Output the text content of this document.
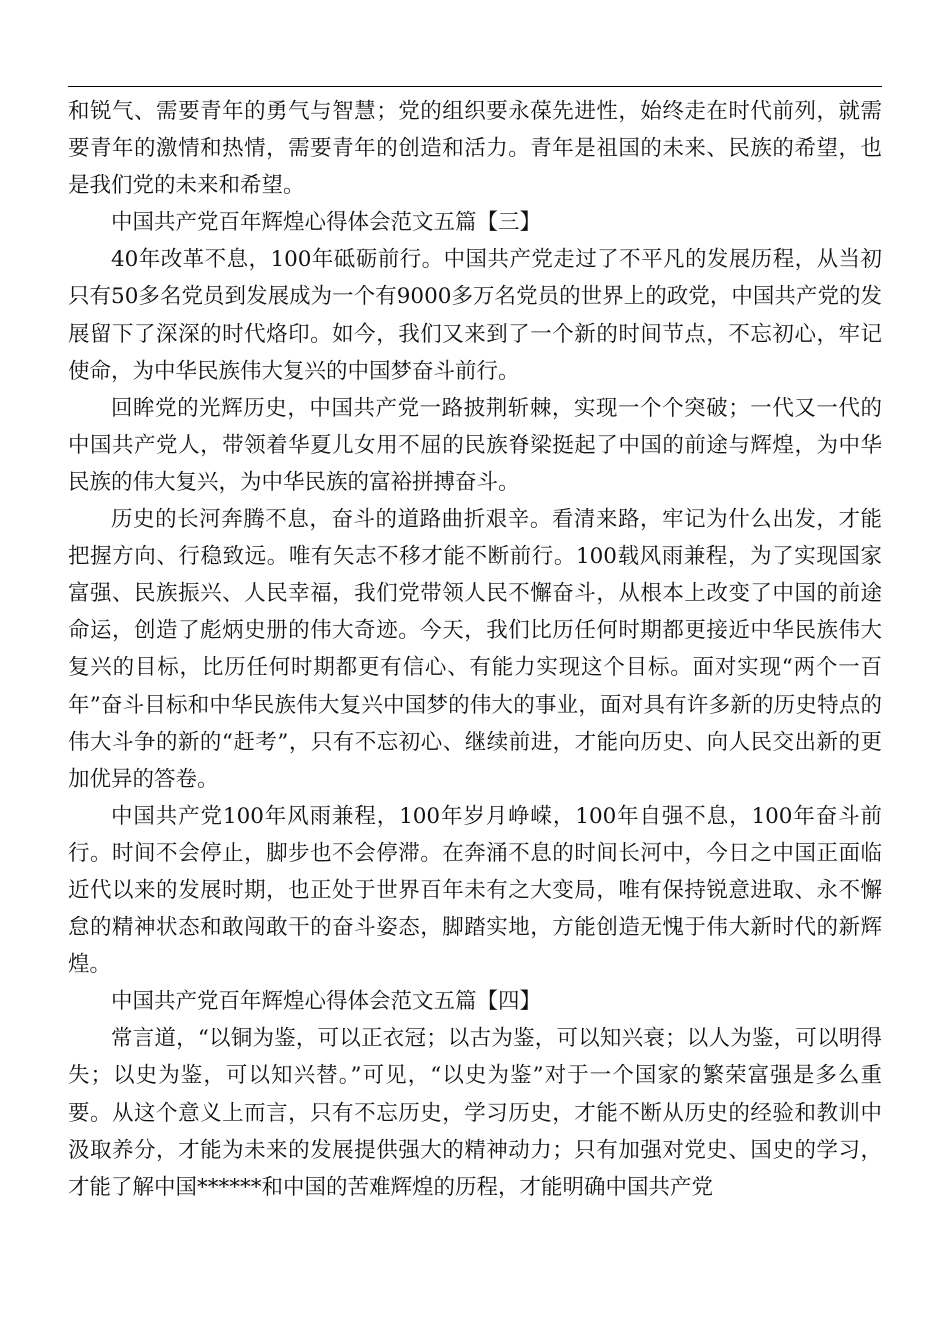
和锐气、需要青年的勇气与智慧；党的组织要永葆先进性，始终走在时代前列，就需要青年的激情和热情，需要青年的创造和活力。青年是祖国的未来、民族的希望，也是我们党的未来和希望。

中国共产党百年辉煌心得体会范文五篇【三】

40年改革不息，100年砥砺前行。中国共产党走过了不平凡的发展历程，从当初只有50多名党员到发展成为一个有9000多万名党员的世界上的政党，中国共产党的发展留下了深深的时代烙印。如今，我们又来到了一个新的时间节点，不忘初心，牢记使命，为中华民族伟大复兴的中国梦奋斗前行。

回眸党的光辉历史，中国共产党一路披荆斩棘，实现一个个突破；一代又一代的中国共产党人，带领着华夏儿女用不屈的民族脊梁挺起了中国的前途与辉煌，为中华民族的伟大复兴，为中华民族的富裕拼搏奋斗。

历史的长河奔腾不息，奋斗的道路曲折艰辛。看清来路，牢记为什么出发，才能把握方向、行稳致远。唯有矢志不移才能不断前行。100载风雨兼程，为了实现国家富强、民族振兴、人民幸福，我们党带领人民不懈奋斗，从根本上改变了中国的前途命运，创造了彪炳史册的伟大奇迹。今天，我们比历任何时期都更接近中华民族伟大复兴的目标，比历任何时期都更有信心、有能力实现这个目标。面对实现“两个一百年”奋斗目标和中华民族伟大复兴中国梦的伟大的事业，面对具有许多新的历史特点的伟大斗争的新的“赶考”，只有不忘初心、继续前进，才能向历史、向人民交出新的更加优异的答卷。

中国共产党100年风雨兼程，100年岁月峥嵘，100年自强不息，100年奋斗前行。时间不会停止，脚步也不会停滞。在奔涌不息的时间长河中，今日之中国正面临近代以来的发展时期，也正处于世界百年未有之大变局，唯有保持锐意进取、永不懈怠的精神状态和敢闯敢干的奋斗姿态，脚踏实地，方能创造无愧于伟大新时代的新辉煌。

中国共产党百年辉煌心得体会范文五篇【四】

常言道，“以铜为鉴，可以正衣冠；以古为鉴，可以知兴衰；以人为鉴，可以明得失；以史为鉴，可以知兴替。”可见，“以史为鉴”对于一个国家的繁荣富强是多么重要。从这个意义上而言，只有不忘历史，学习历史，才能不断从历史的经验和教训中汲取养分，才能为未来的发展提供强大的精神动力；只有加强对党史、国史的学习，才能了解中国******和中国的苦难辉煌的历程，才能明确中国共产党
